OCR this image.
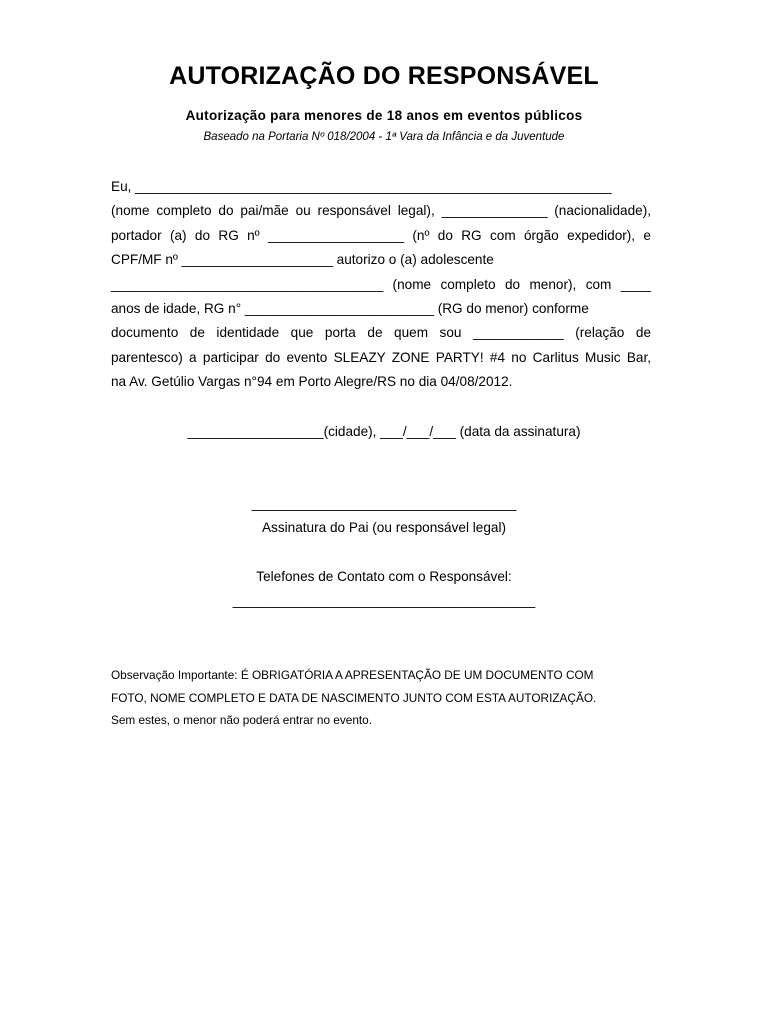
AUTORIZAÇÃO DO RESPONSÁVEL
Autorização para menores de 18 anos em eventos públicos
Baseado na Portaria Nº 018/2004 - 1ª Vara da Infância e da Juventude
Eu, _______________________________________________________________
(nome completo do pai/mãe ou responsável legal), ______________ (nacionalidade),
portador (a) do RG nº __________________ (nº do RG com órgão expedidor), e
CPF/MF nº ____________________ autorizo o (a) adolescente
____________________________________ (nome completo do menor), com ____
anos de idade, RG n° _________________________ (RG do menor) conforme
documento de identidade que porta de quem sou ____________ (relação de
parentesco) a participar do evento SLEAZY ZONE PARTY! #4 no Carlitus Music Bar,
na Av. Getúlio Vargas n°94 em Porto Alegre/RS no dia 04/08/2012.
__________________(cidade), ___/___/___ (data da assinatura)
___________________________________
Assinatura do Pai (ou responsável legal)
Telefones de Contato com o Responsável:
________________________________________
Observação Importante: É OBRIGATÓRIA A APRESENTAÇÃO DE UM DOCUMENTO COM
FOTO, NOME COMPLETO E DATA DE NASCIMENTO JUNTO COM ESTA AUTORIZAÇÃO.
Sem estes, o menor não poderá entrar no evento.
